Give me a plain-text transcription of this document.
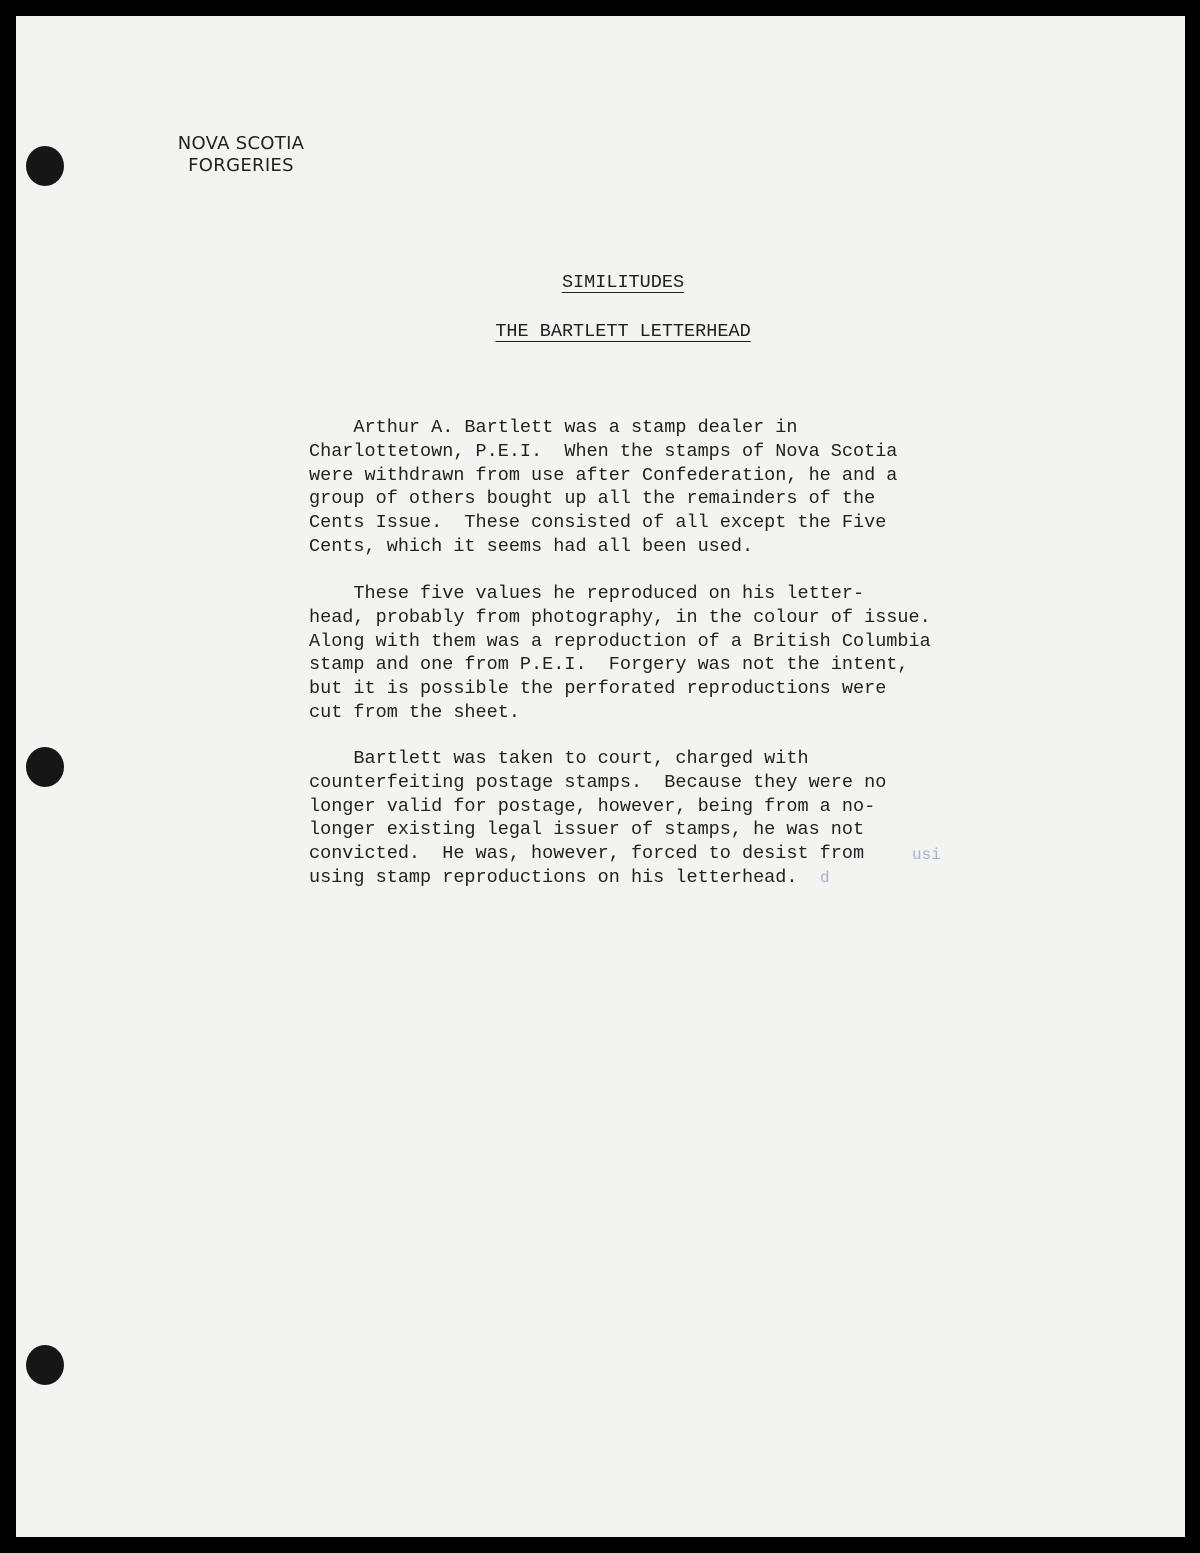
NOVA SCOTIA
FORGERIES
SIMILITUDES
THE BARTLETT LETTERHEAD
Arthur A. Bartlett was a stamp dealer in
Charlottetown, P.E.I.  When the stamps of Nova Scotia
were withdrawn from use after Confederation, he and a
group of others bought up all the remainders of the
Cents Issue.  These consisted of all except the Five
Cents, which it seems had all been used.
These five values he reproduced on his letter-
head, probably from photography, in the colour of issue.
Along with them was a reproduction of a British Columbia
stamp and one from P.E.I.  Forgery was not the intent,
but it is possible the perforated reproductions were
cut from the sheet.
Bartlett was taken to court, charged with
counterfeiting postage stamps.  Because they were no
longer valid for postage, however, being from a no-
longer existing legal issuer of stamps, he was not
convicted.  He was, however, forced to desist from
using stamp reproductions on his letterhead.
usi
d
